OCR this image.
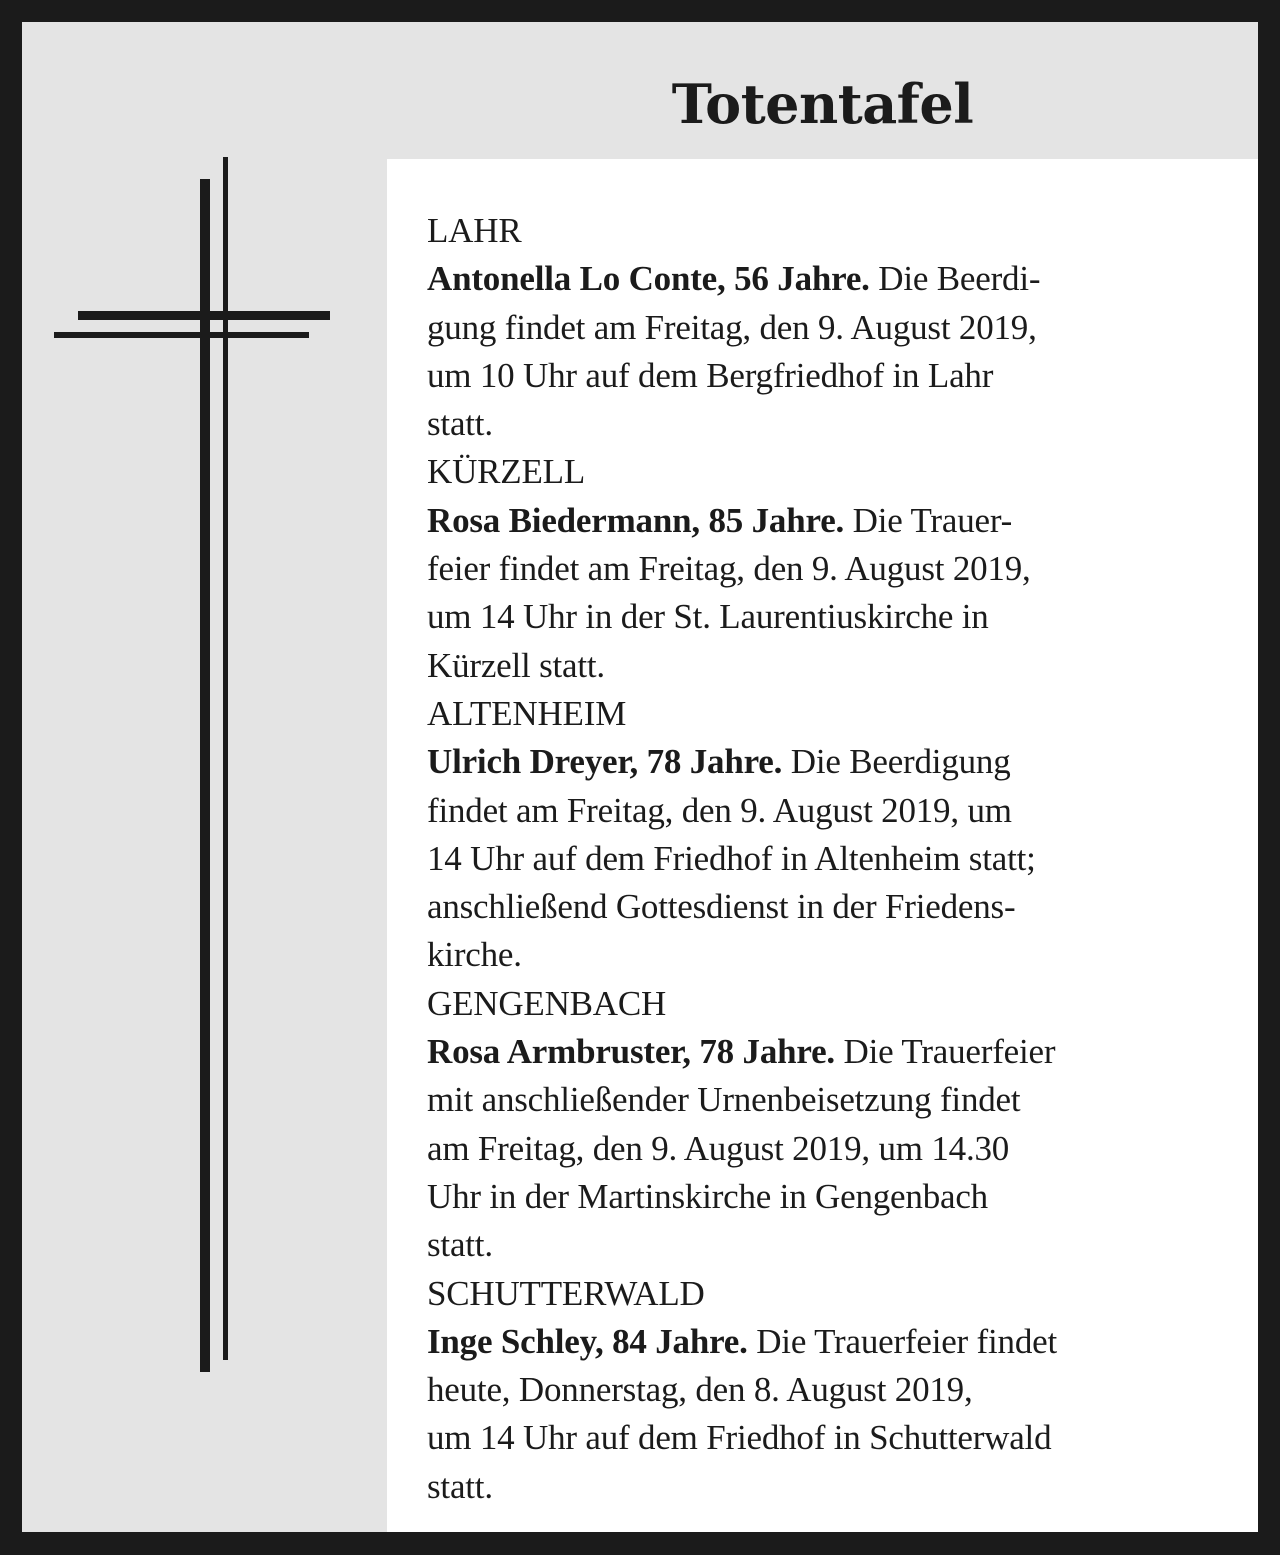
Totentafel

LAHR
Antonella Lo Conte, 56 Jahre. Die Beerdi-
gung findet am Freitag, den 9. August 2019,
um 10 Uhr auf dem Bergfriedhof in Lahr
statt.

KÜRZELL
Rosa Biedermann, 85 Jahre. Die Trauer-
feier findet am Freitag, den 9. August 2019,
um 14 Uhr in der St. Laurentiuskirche in
Kürzell statt.

ALTENHEIM
Ulrich Dreyer, 78 Jahre. Die Beerdigung
findet am Freitag, den 9. August 2019, um
14 Uhr auf dem Friedhof in Altenheim statt;
anschließend Gottesdienst in der Friedens-
kirche.

GENGENBACH
Rosa Armbruster, 78 Jahre. Die Trauerfeier
mit anschließender Urnenbeisetzung findet
am Freitag, den 9. August 2019, um 14.30
Uhr in der Martinskirche in Gengenbach
statt.

SCHUTTERWALD
Inge Schley, 84 Jahre. Die Trauerfeier findet
heute, Donnerstag, den 8. August 2019,
um 14 Uhr auf dem Friedhof in Schutterwald
statt.
